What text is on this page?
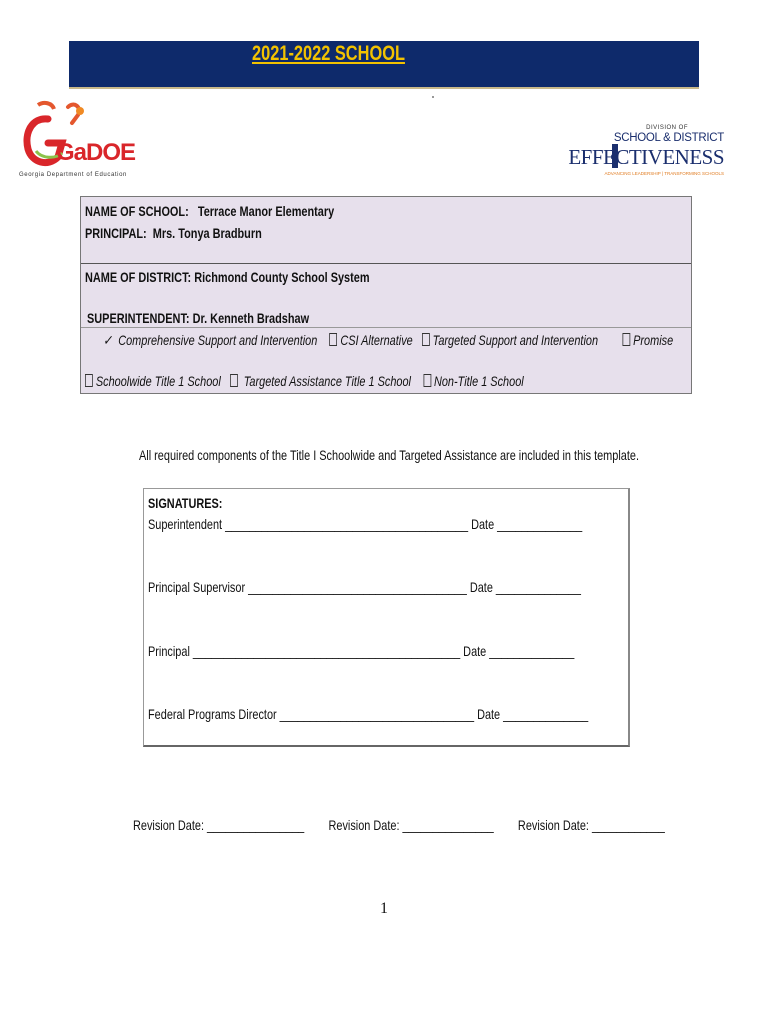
2021-2022 SCHOOL
GaDOE
Georgia Department of Education
DIVISION OF
SCHOOL & DISTRICT
EFFECTIVENESS
ADVANCING LEADERSHIP | TRANSFORMING SCHOOLS
NAME OF SCHOOL: Terrace Manor Elementary
PRINCIPAL: Mrs. Tonya Bradburn
NAME OF DISTRICT: Richmond County School System
SUPERINTENDENT: Dr. Kenneth Bradshaw
✓ Comprehensive Support and Intervention CSI Alternative Targeted Support and Intervention	Promise
Schoolwide Title 1 School Targeted Assistance Title 1 School Non-Title 1 School
All required components of the Title I Schoolwide and Targeted Assistance are included in this template.
SIGNATURES:
Superintendent ________________________________________ Date ______________
Principal Supervisor ____________________________________ Date ______________
Principal ____________________________________________ Date ______________
Federal Programs Director ________________________________ Date ______________
Revision Date: ________________ Revision Date: _______________ Revision Date: ____________
1
